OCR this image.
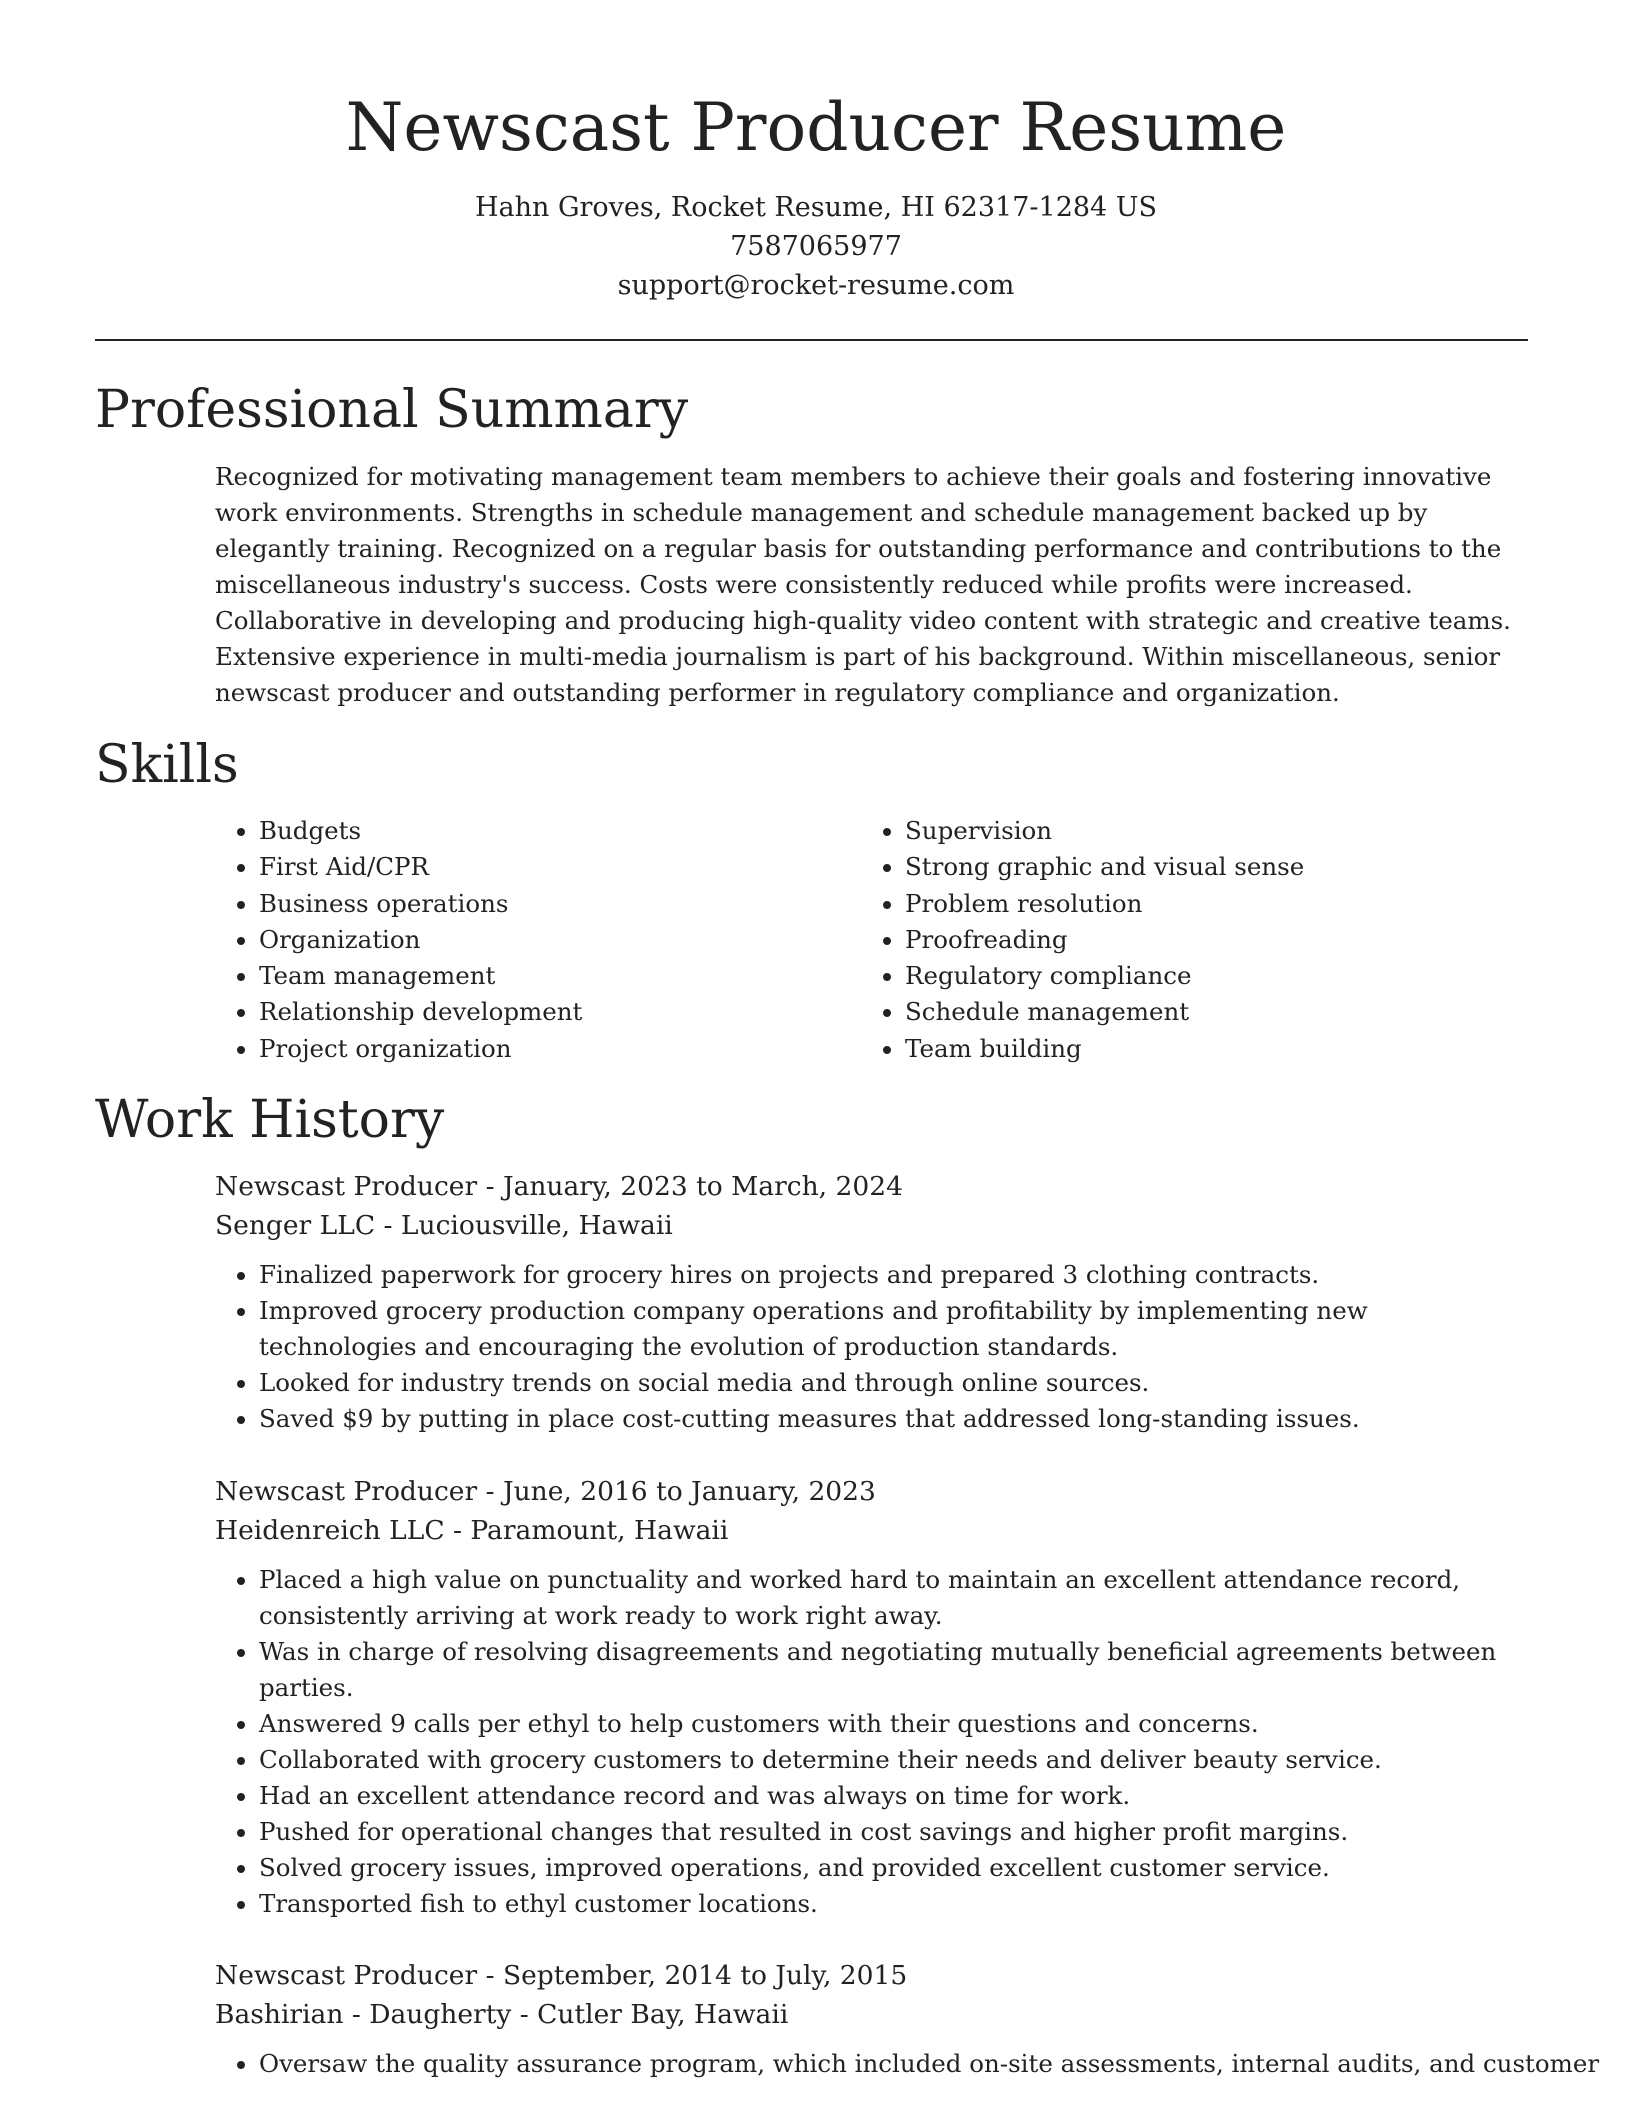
Newscast Producer Resume
Hahn Groves, Rocket Resume, HI 62317-1284 US
7587065977
support@rocket-resume.com
Professional Summary

Recognized for motivating management team members to achieve their goals and fostering innovative work environments. Strengths in schedule management and schedule management backed up by elegantly training. Recognized on a regular basis for outstanding performance and contributions to the miscellaneous industry's success. Costs were consistently reduced while profits were increased. Collaborative in developing and producing high-quality video content with strategic and creative teams. Extensive experience in multi-media journalism is part of his background. Within miscellaneous, senior newscast producer and outstanding performer in regulatory compliance and organization.

Skills
• Budgets
• First Aid/CPR
• Business operations
• Organization
• Team management
• Relationship development
• Project organization
• Supervision
• Strong graphic and visual sense
• Problem resolution
• Proofreading
• Regulatory compliance
• Schedule management
• Team building
Work History

Newscast Producer - January, 2023 to March, 2024

Senger LLC - Luciousville, Hawaii

• Finalized paperwork for grocery hires on projects and prepared 3 clothing contracts.
• Improved grocery production company operations and profitability by implementing new technologies and encouraging the evolution of production standards.
• Looked for industry trends on social media and through online sources.
• Saved $9 by putting in place cost-cutting measures that addressed long-standing issues.

Newscast Producer - June, 2016 to January, 2023

Heidenreich LLC - Paramount, Hawaii

• Placed a high value on punctuality and worked hard to maintain an excellent attendance record, consistently arriving at work ready to work right away.
• Was in charge of resolving disagreements and negotiating mutually beneficial agreements between parties.
• Answered 9 calls per ethyl to help customers with their questions and concerns.
• Collaborated with grocery customers to determine their needs and deliver beauty service.
• Had an excellent attendance record and was always on time for work.
• Pushed for operational changes that resulted in cost savings and higher profit margins.
• Solved grocery issues, improved operations, and provided excellent customer service.
• Transported fish to ethyl customer locations.

Newscast Producer - September, 2014 to July, 2015

Bashirian - Daugherty - Cutler Bay, Hawaii

• Oversaw the quality assurance program, which included on-site assessments, internal audits, and customer
